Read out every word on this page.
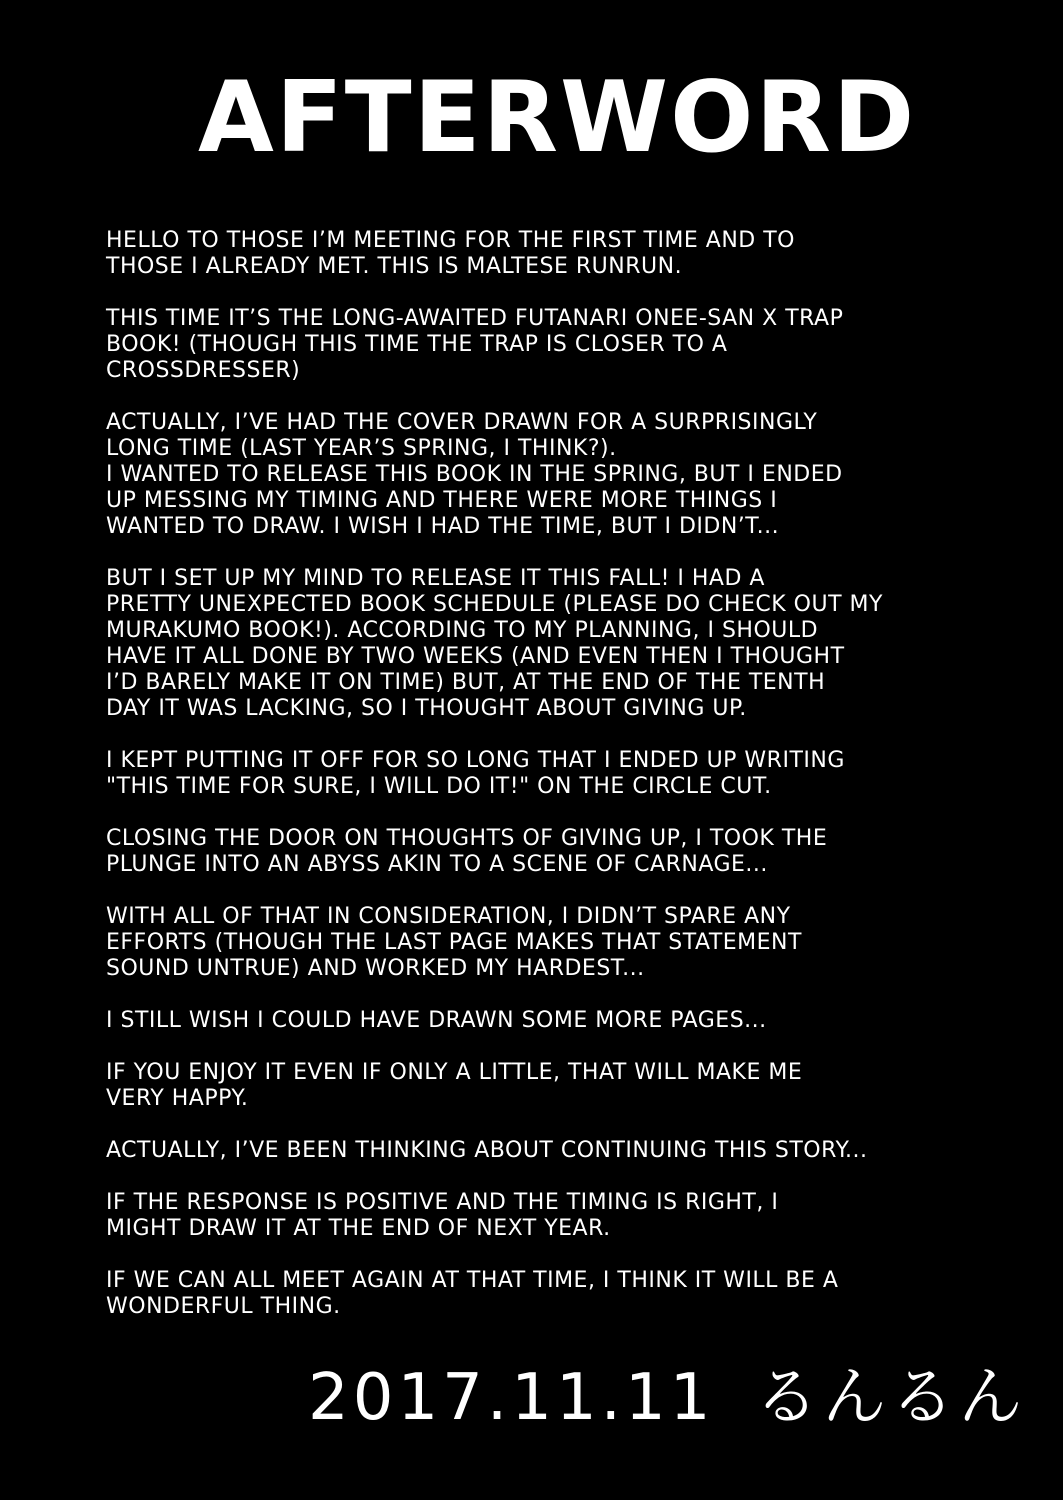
AFTERWORD

HELLO TO THOSE I’M MEETING FOR THE FIRST TIME AND TO
THOSE I ALREADY MET. THIS IS MALTESE RUNRUN.

THIS TIME IT’S THE LONG-AWAITED FUTANARI ONEE-SAN X TRAP
BOOK! (THOUGH THIS TIME THE TRAP IS CLOSER TO A
CROSSDRESSER)

ACTUALLY, I’VE HAD THE COVER DRAWN FOR A SURPRISINGLY
LONG TIME (LAST YEAR’S SPRING, I THINK?).
I WANTED TO RELEASE THIS BOOK IN THE SPRING, BUT I ENDED
UP MESSING MY TIMING AND THERE WERE MORE THINGS I
WANTED TO DRAW. I WISH I HAD THE TIME, BUT I DIDN’T...

BUT I SET UP MY MIND TO RELEASE IT THIS FALL! I HAD A
PRETTY UNEXPECTED BOOK SCHEDULE (PLEASE DO CHECK OUT MY
MURAKUMO BOOK!). ACCORDING TO MY PLANNING, I SHOULD
HAVE IT ALL DONE BY TWO WEEKS (AND EVEN THEN I THOUGHT
I’D BARELY MAKE IT ON TIME) BUT, AT THE END OF THE TENTH
DAY IT WAS LACKING, SO I THOUGHT ABOUT GIVING UP.

I KEPT PUTTING IT OFF FOR SO LONG THAT I ENDED UP WRITING
"THIS TIME FOR SURE, I WILL DO IT!" ON THE CIRCLE CUT.

CLOSING THE DOOR ON THOUGHTS OF GIVING UP, I TOOK THE
PLUNGE INTO AN ABYSS AKIN TO A SCENE OF CARNAGE...

WITH ALL OF THAT IN CONSIDERATION, I DIDN’T SPARE ANY
EFFORTS (THOUGH THE LAST PAGE MAKES THAT STATEMENT
SOUND UNTRUE) AND WORKED MY HARDEST...

I STILL WISH I COULD HAVE DRAWN SOME MORE PAGES...

IF YOU ENJOY IT EVEN IF ONLY A LITTLE, THAT WILL MAKE ME
VERY HAPPY.

ACTUALLY, I’VE BEEN THINKING ABOUT CONTINUING THIS STORY...

IF THE RESPONSE IS POSITIVE AND THE TIMING IS RIGHT, I
MIGHT DRAW IT AT THE END OF NEXT YEAR.

IF WE CAN ALL MEET AGAIN AT THAT TIME, I THINK IT WILL BE A
WONDERFUL THING.

2017.11.11 るんるん
